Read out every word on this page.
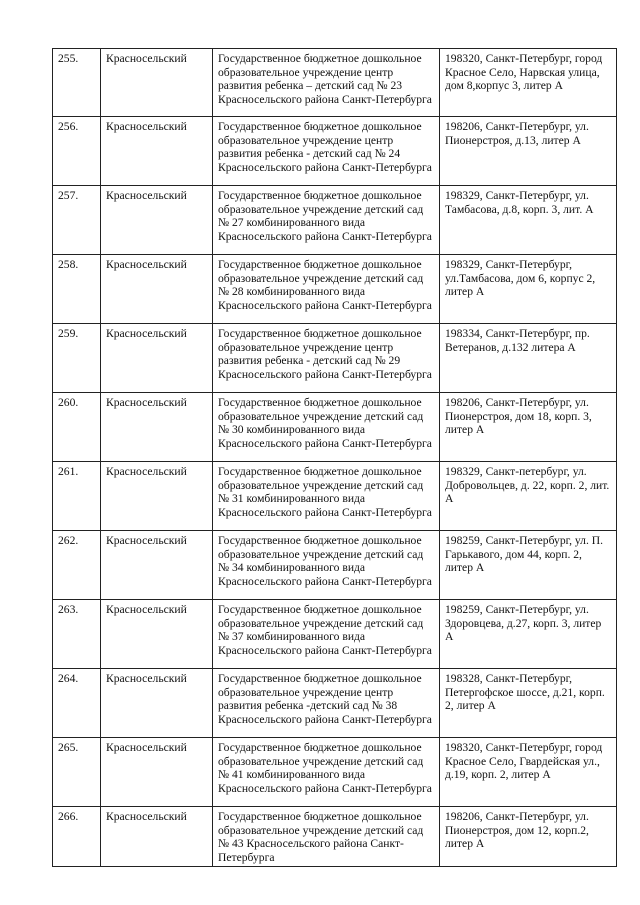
255.	Красносельский	Государственное бюджетное дошкольное образовательное учреждение центр развития ребенка – детский сад № 23 Красносельского района Санкт-Петербурга	198320, Санкт-Петербург, город Красное Село, Нарвская улица, дом 8,корпус 3, литер А
256.	Красносельский	Государственное бюджетное дошкольное образовательное учреждение центр развития ребенка - детский сад № 24 Красносельского района Санкт-Петербурга	198206, Санкт-Петербург, ул. Пионерстроя, д.13, литер А
257.	Красносельский	Государственное бюджетное дошкольное образовательное учреждение детский сад № 27 комбинированного вида Красносельского района Санкт-Петербурга	198329, Санкт-Петербург, ул. Тамбасова, д.8, корп. 3, лит. А
258.	Красносельский	Государственное бюджетное дошкольное образовательное учреждение детский сад № 28 комбинированного вида Красносельского района Санкт-Петербурга	198329, Санкт-Петербург, ул.Тамбасова, дом 6, корпус 2, литер А
259.	Красносельский	Государственное бюджетное дошкольное образовательное учреждение центр развития ребенка - детский сад № 29 Красносельского района Санкт-Петербурга	198334, Санкт-Петербург, пр. Ветеранов, д.132 литера А
260.	Красносельский	Государственное бюджетное дошкольное образовательное учреждение детский сад № 30 комбинированного вида Красносельского района Санкт-Петербурга	198206, Санкт-Петербург, ул. Пионерстроя, дом 18, корп. 3, литер А
261.	Красносельский	Государственное бюджетное дошкольное образовательное учреждение детский сад № 31 комбинированного вида Красносельского района Санкт-Петербурга	198329, Санкт-петербург, ул. Добровольцев, д. 22, корп. 2, лит. А
262.	Красносельский	Государственное бюджетное дошкольное образовательное учреждение детский сад № 34 комбинированного вида Красносельского района Санкт-Петербурга	198259, Санкт-Петербург, ул. П. Гарькавого, дом 44, корп. 2, литер А
263.	Красносельский	Государственное бюджетное дошкольное образовательное учреждение детский сад № 37 комбинированного вида Красносельского района Санкт-Петербурга	198259, Санкт-Петербург, ул. Здоровцева, д.27, корп. 3, литер А
264.	Красносельский	Государственное бюджетное дошкольное образовательное учреждение центр развития ребенка -детский сад № 38 Красносельского района Санкт-Петербурга	198328, Санкт-Петербург, Петергофское шоссе, д.21, корп. 2, литер А
265.	Красносельский	Государственное бюджетное дошкольное образовательное учреждение детский сад № 41 комбинированного вида Красносельского района Санкт-Петербурга	198320, Санкт-Петербург, город Красное Село, Гвардейская ул., д.19, корп. 2, литер А
266.	Красносельский	Государственное бюджетное дошкольное образовательное учреждение детский сад № 43 Красносельского района Санкт-Петербурга	198206, Санкт-Петербург, ул. Пионерстроя, дом 12, корп.2, литер А
